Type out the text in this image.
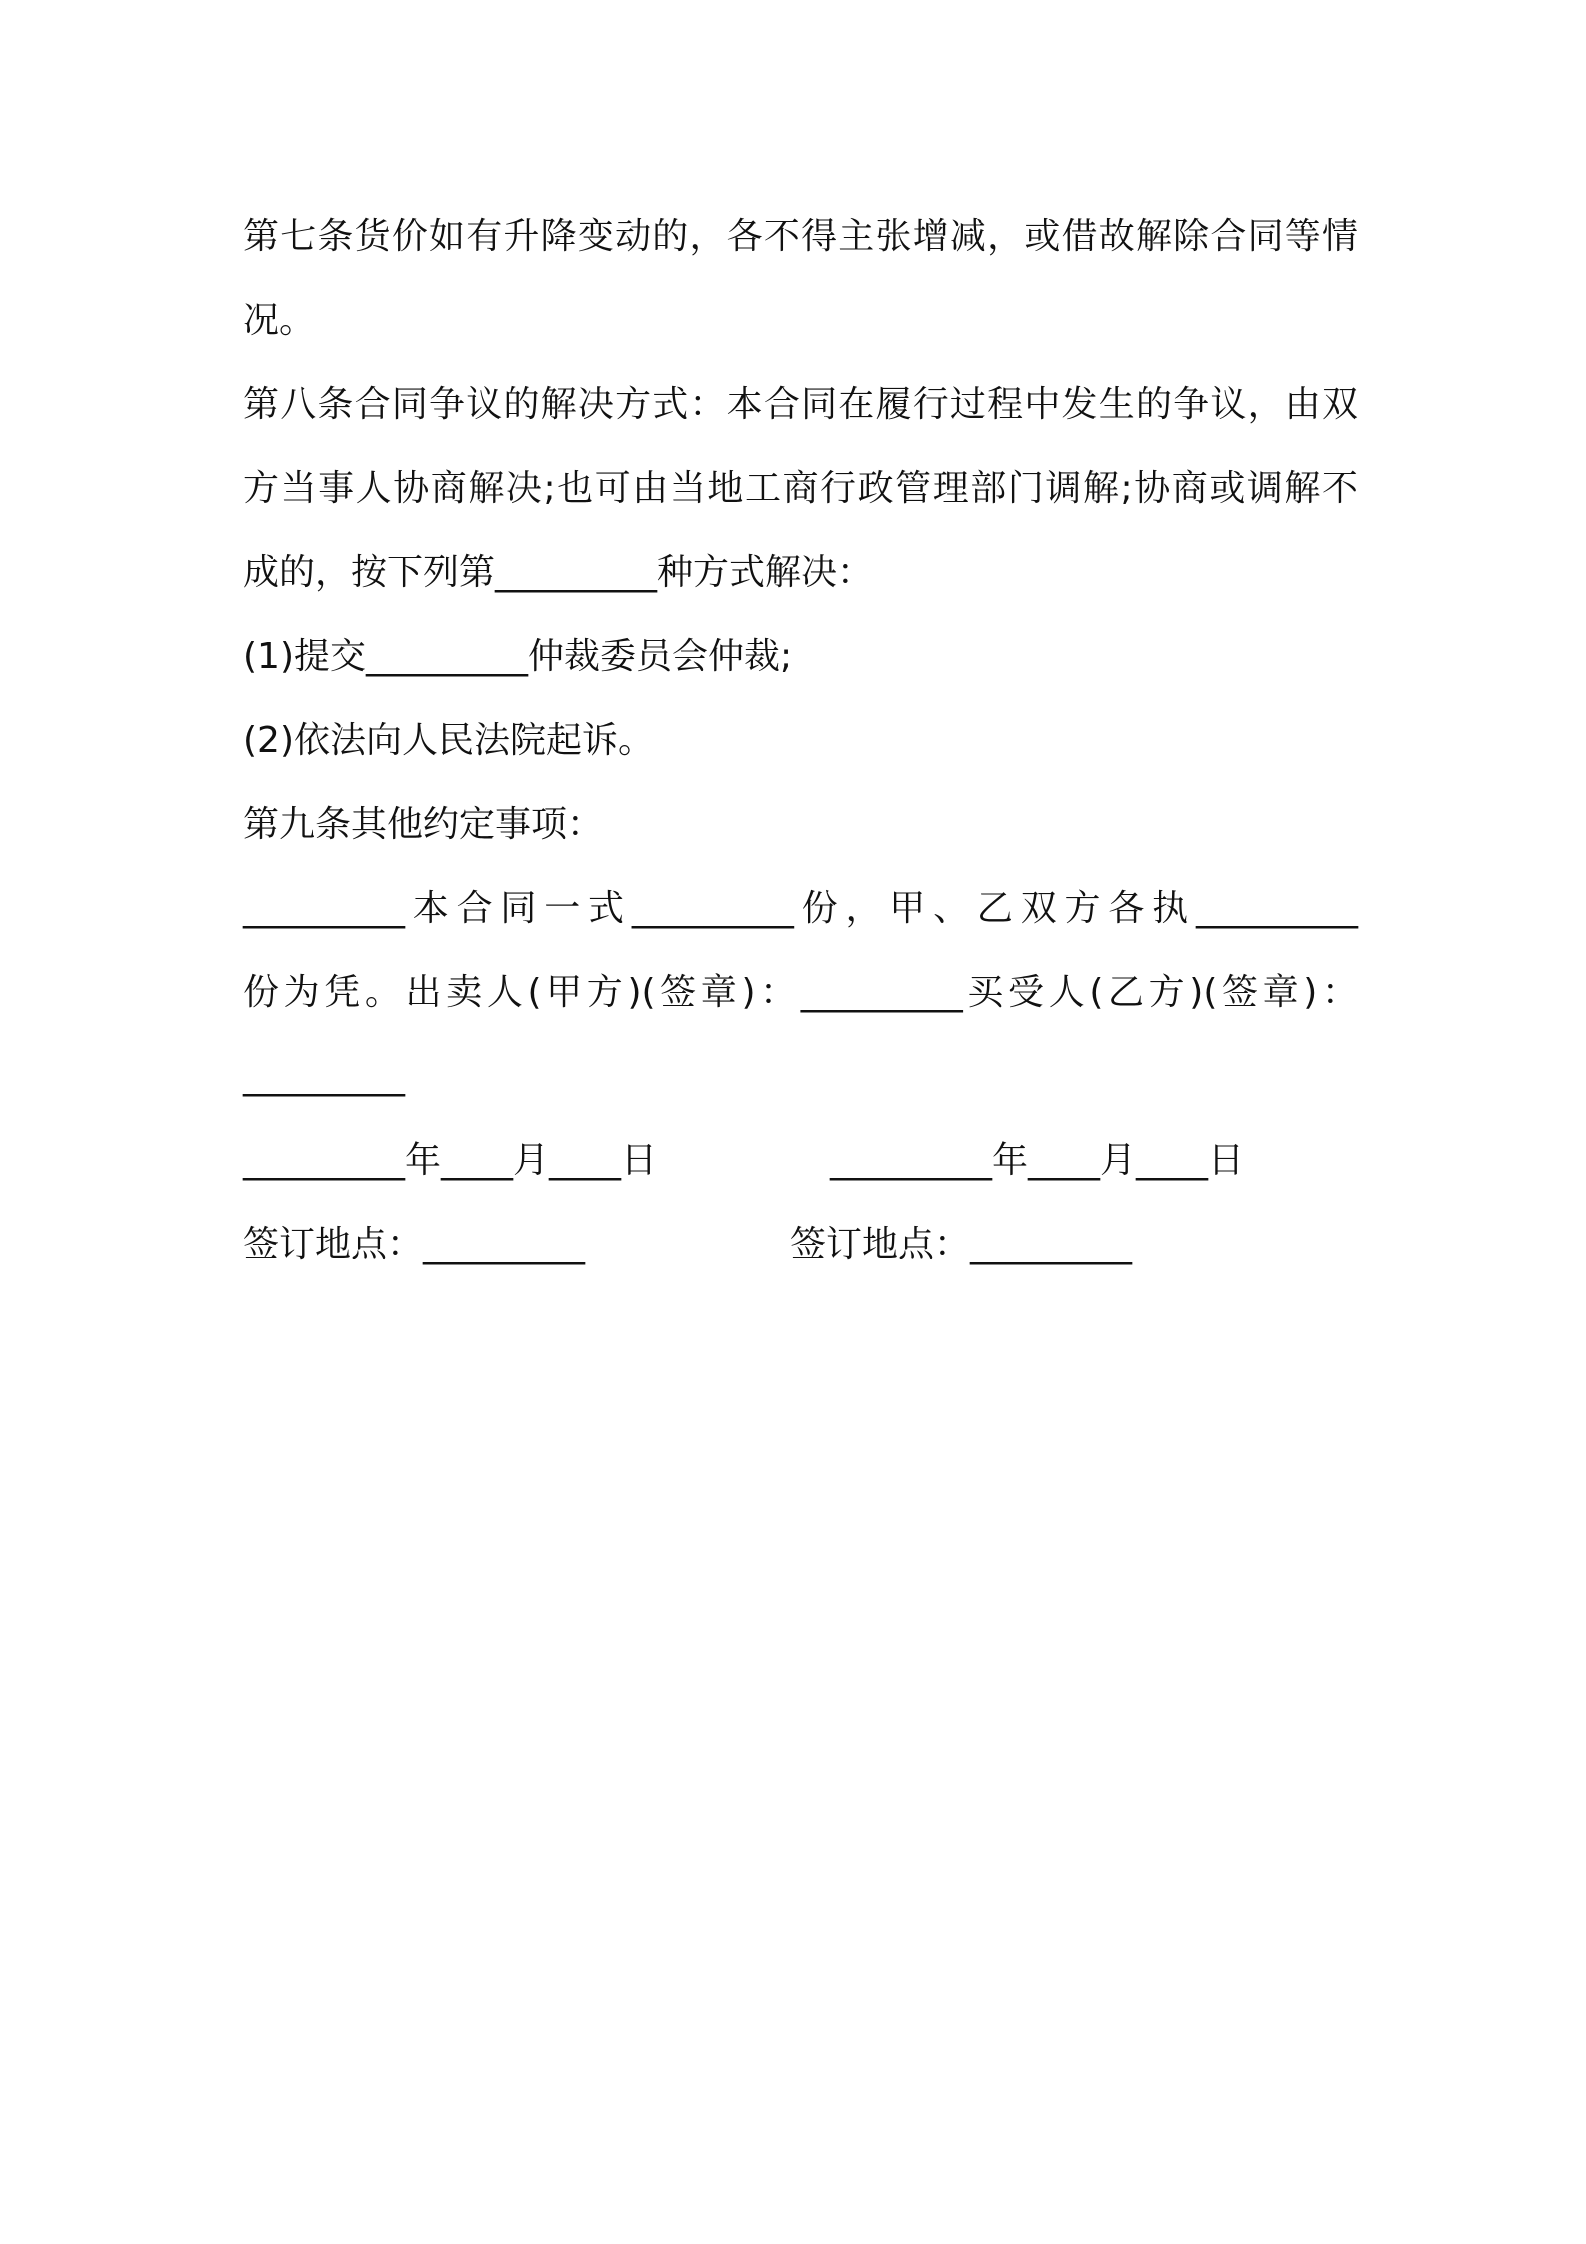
第七条货价如有升降变动的，各不得主张增减，或借故解除合同等情
况。
第八条合同争议的解决方式：本合同在履行过程中发生的争议，由双
方当事人协商解决;也可由当地工商行政管理部门调解;协商或调解不
成的，按下列第_________种方式解决：
(1)提交_________仲裁委员会仲裁;
(2)依法向人民法院起诉。
第九条其他约定事项：
_________本合同一式_________份，甲、乙双方各执_________
份为凭。出卖人(甲方)(签章)：_________买受人(乙方)(签章)：
_________

_________年____月____日

	_________年____月____日

签订地点：_________

	签订地点：_________
